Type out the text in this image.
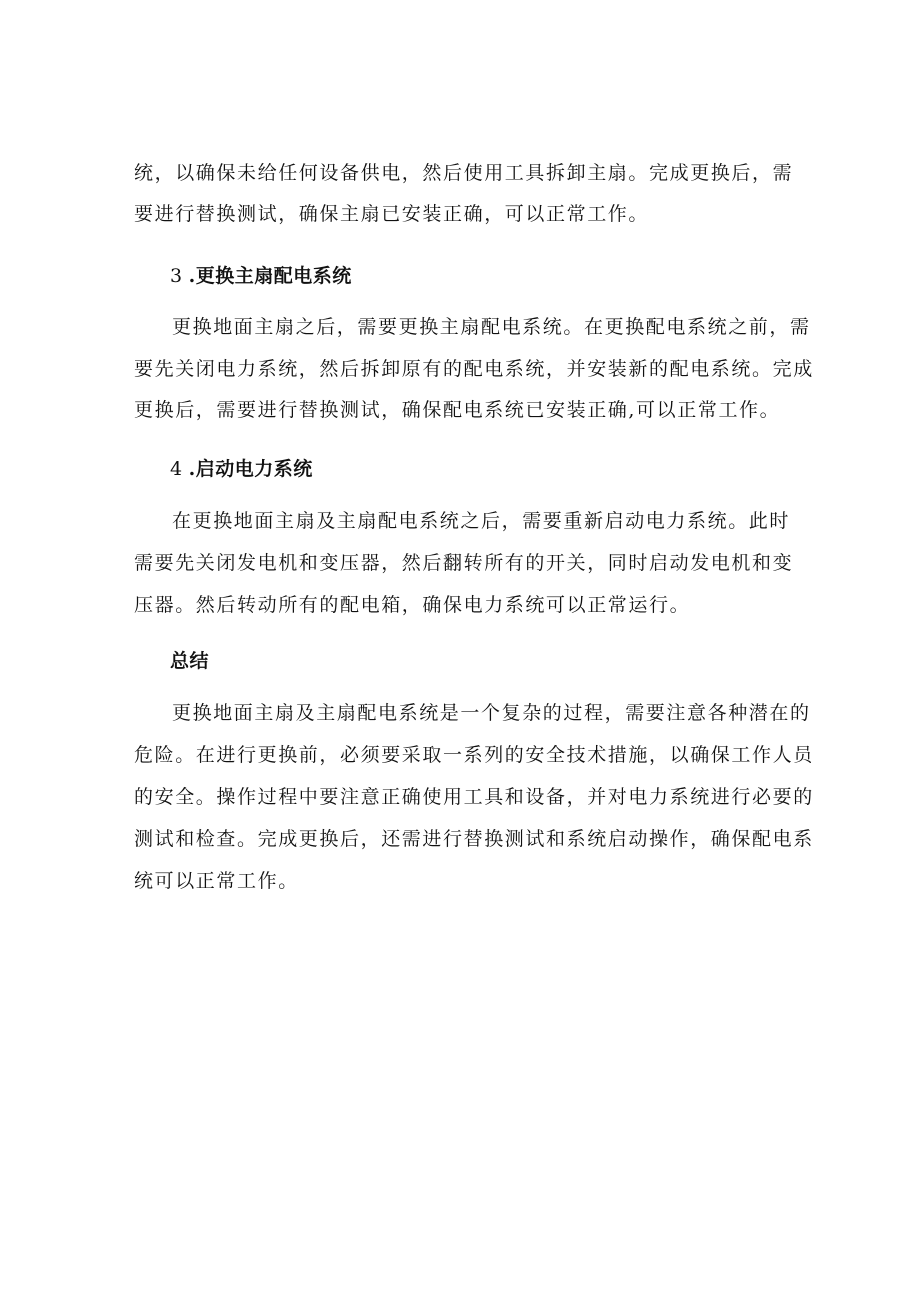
统，以确保未给任何设备供电，然后使用工具拆卸主扇。完成更换后，需

要进行替换测试，确保主扇已安装正确，可以正常工作。

3 .更换主扇配电系统

更换地面主扇之后，需要更换主扇配电系统。在更换配电系统之前，需

要先关闭电力系统，然后拆卸原有的配电系统，并安装新的配电系统。完成

更换后，需要进行替换测试，确保配电系统已安装正确,可以正常工作。

4 .启动电力系统

在更换地面主扇及主扇配电系统之后，需要重新启动电力系统。此时

需要先关闭发电机和变压器，然后翻转所有的开关，同时启动发电机和变

压器。然后转动所有的配电箱，确保电力系统可以正常运行。

总结

更换地面主扇及主扇配电系统是一个复杂的过程，需要注意各种潜在的

危险。在进行更换前，必须要采取一系列的安全技术措施，以确保工作人员

的安全。操作过程中要注意正确使用工具和设备，并对电力系统进行必要的

测试和检查。完成更换后，还需进行替换测试和系统启动操作，确保配电系

统可以正常工作。
